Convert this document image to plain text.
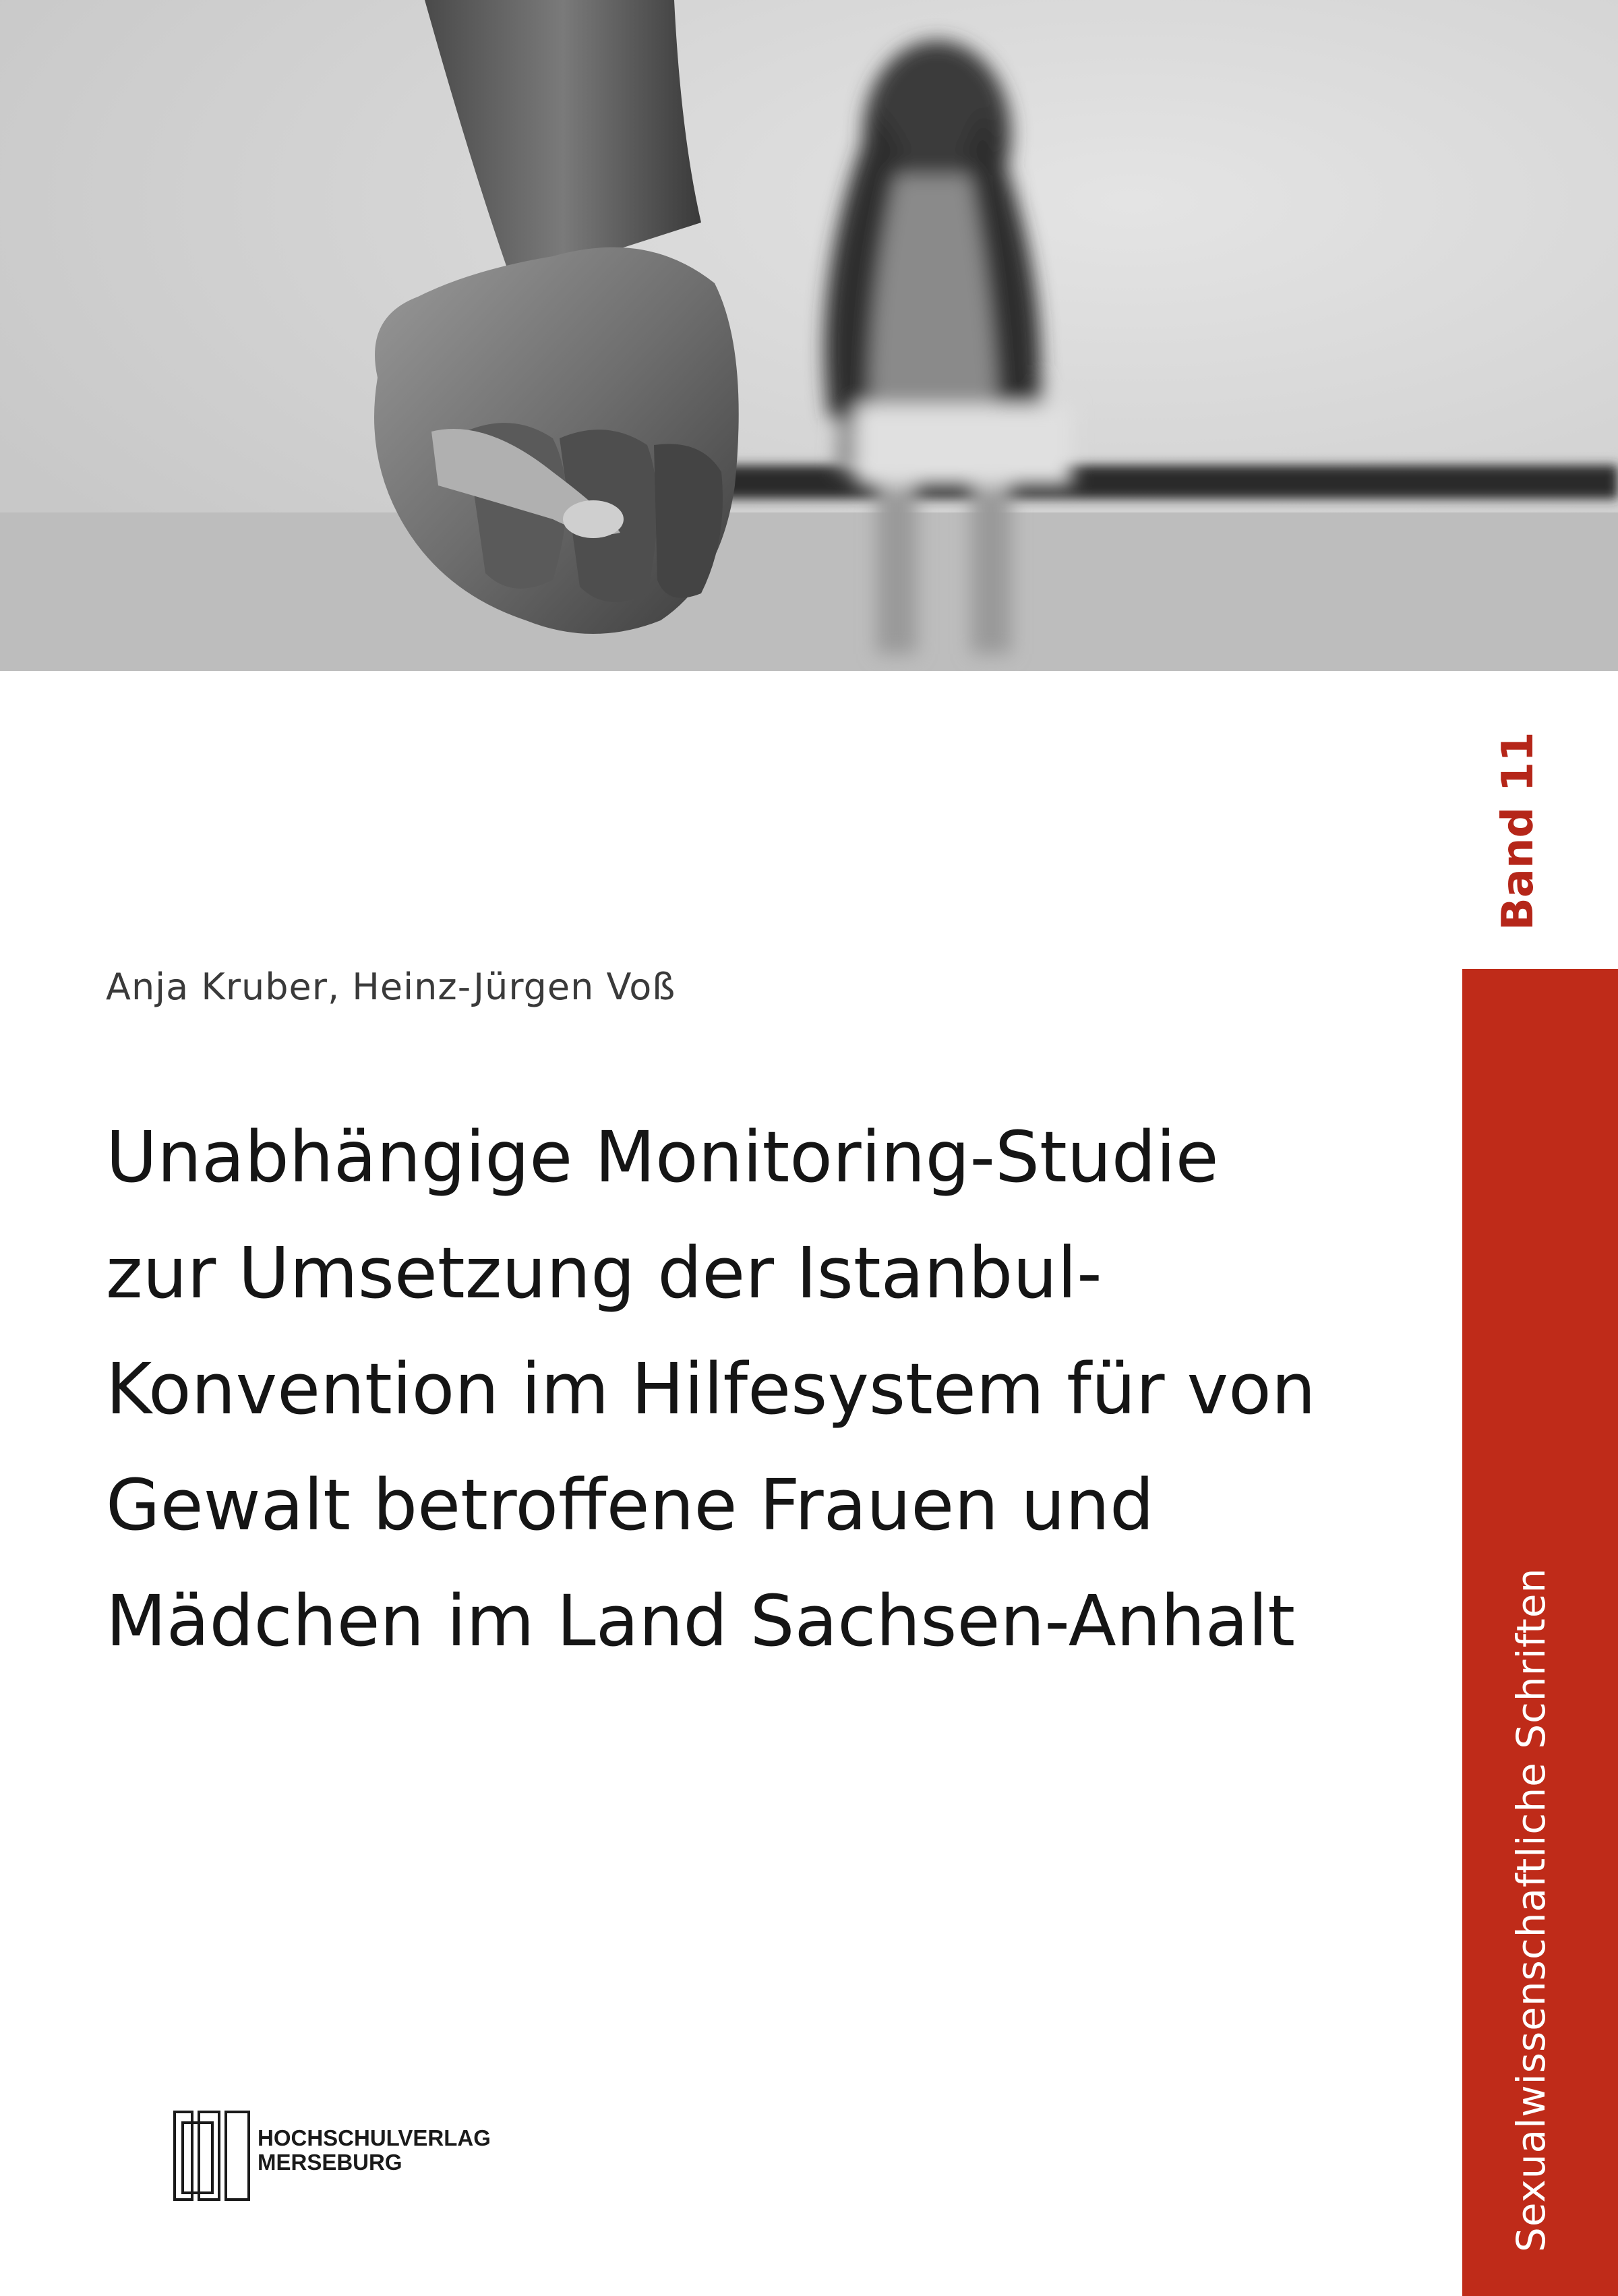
Band 11
Sexualwissenschaftliche Schriften
Anja Kruber, Heinz-Jürgen Voß
Unabhängige Monitoring-Studie
zur Umsetzung der Istanbul-
Konvention im Hilfesystem für von
Gewalt betroffene Frauen und
Mädchen im Land Sachsen-Anhalt
HOCHSCHULVERLAG
MERSEBURG
